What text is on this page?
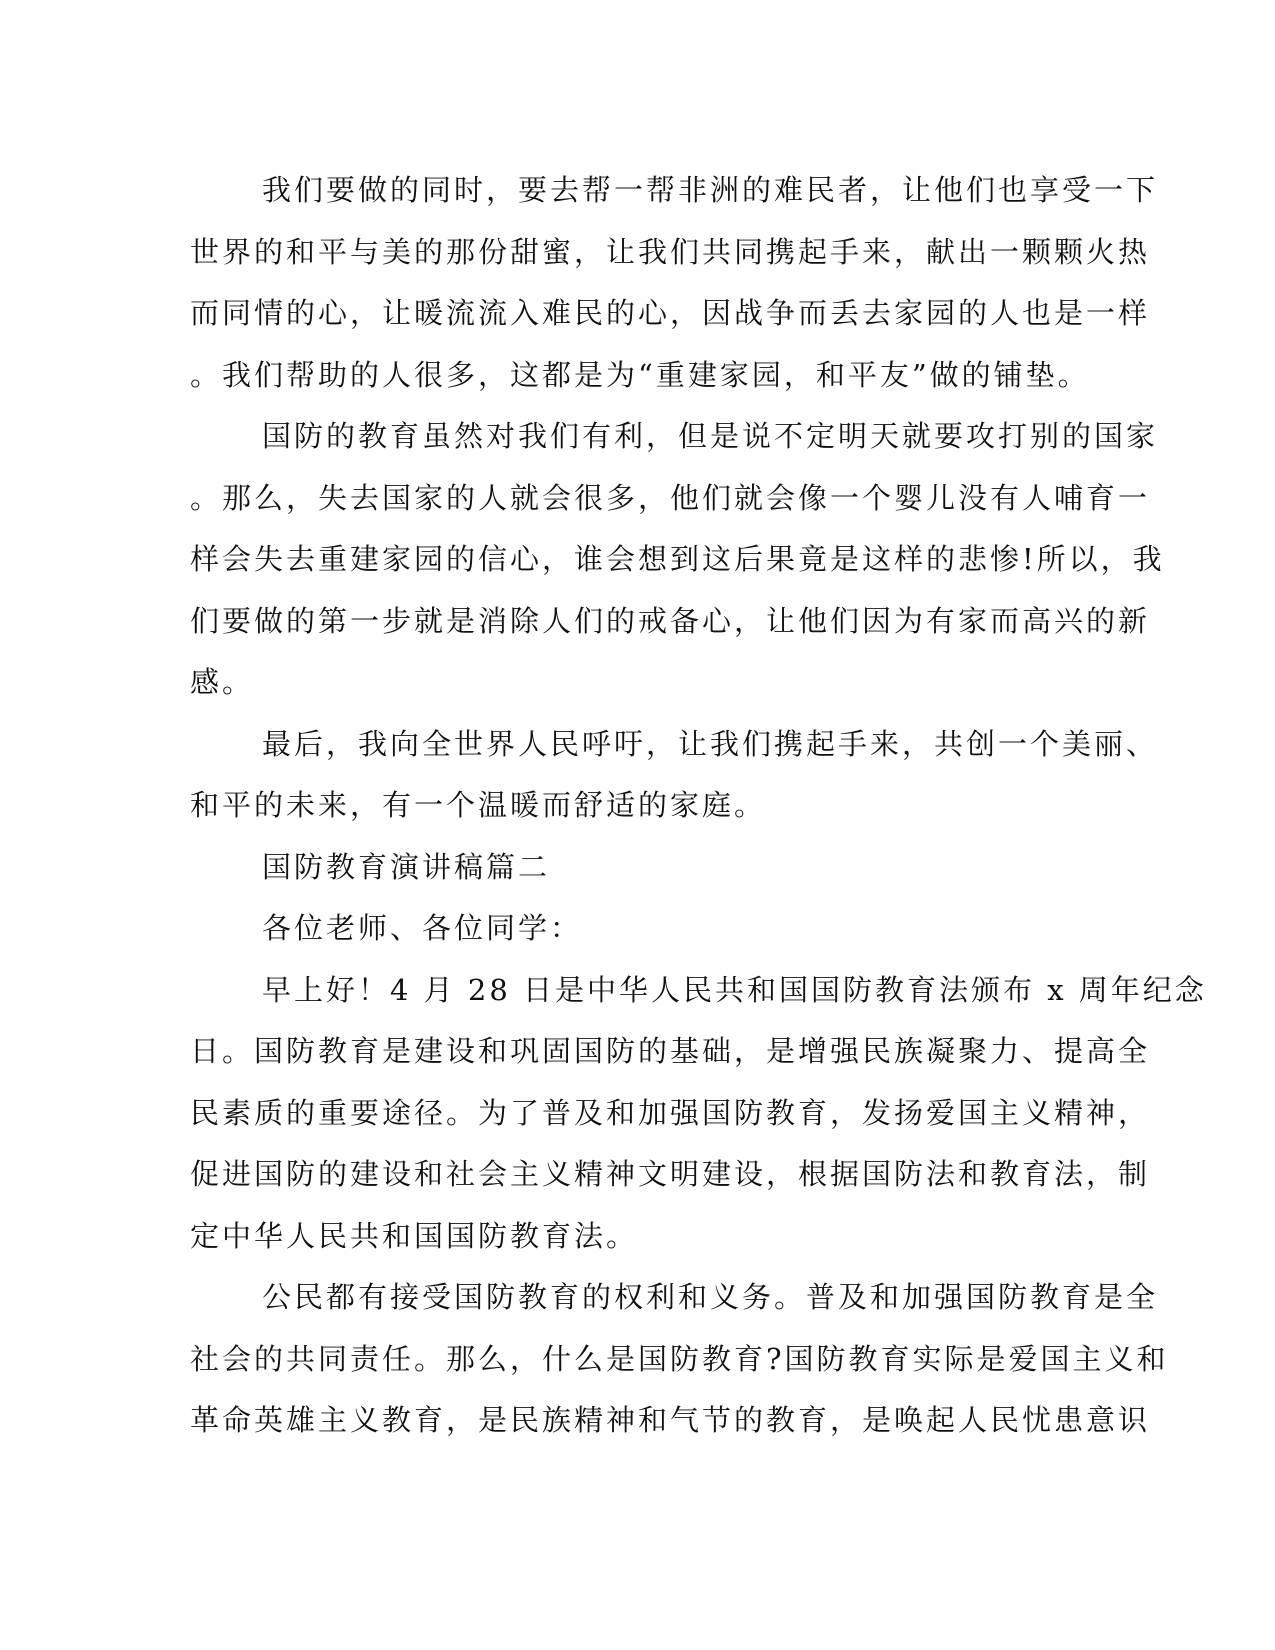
我们要做的同时，要去帮一帮非洲的难民者，让他们也享受一下
世界的和平与美的那份甜蜜，让我们共同携起手来，献出一颗颗火热
而同情的心，让暖流流入难民的心，因战争而丢去家园的人也是一样
。我们帮助的人很多，这都是为“重建家园，和平友”做的铺垫。
国防的教育虽然对我们有利，但是说不定明天就要攻打别的国家
。那么，失去国家的人就会很多，他们就会像一个婴儿没有人哺育一
样会失去重建家园的信心，谁会想到这后果竟是这样的悲惨!所以，我
们要做的第一步就是消除人们的戒备心，让他们因为有家而高兴的新
感。
最后，我向全世界人民呼吁，让我们携起手来，共创一个美丽、
和平的未来，有一个温暖而舒适的家庭。
国防教育演讲稿篇二
各位老师、各位同学：
早上好！4 月 28 日是中华人民共和国国防教育法颁布 x 周年纪念
日。国防教育是建设和巩固国防的基础，是增强民族凝聚力、提高全
民素质的重要途径。为了普及和加强国防教育，发扬爱国主义精神，
促进国防的建设和社会主义精神文明建设，根据国防法和教育法，制
定中华人民共和国国防教育法。
公民都有接受国防教育的权利和义务。普及和加强国防教育是全
社会的共同责任。那么，什么是国防教育?国防教育实际是爱国主义和
革命英雄主义教育，是民族精神和气节的教育，是唤起人民忧患意识
